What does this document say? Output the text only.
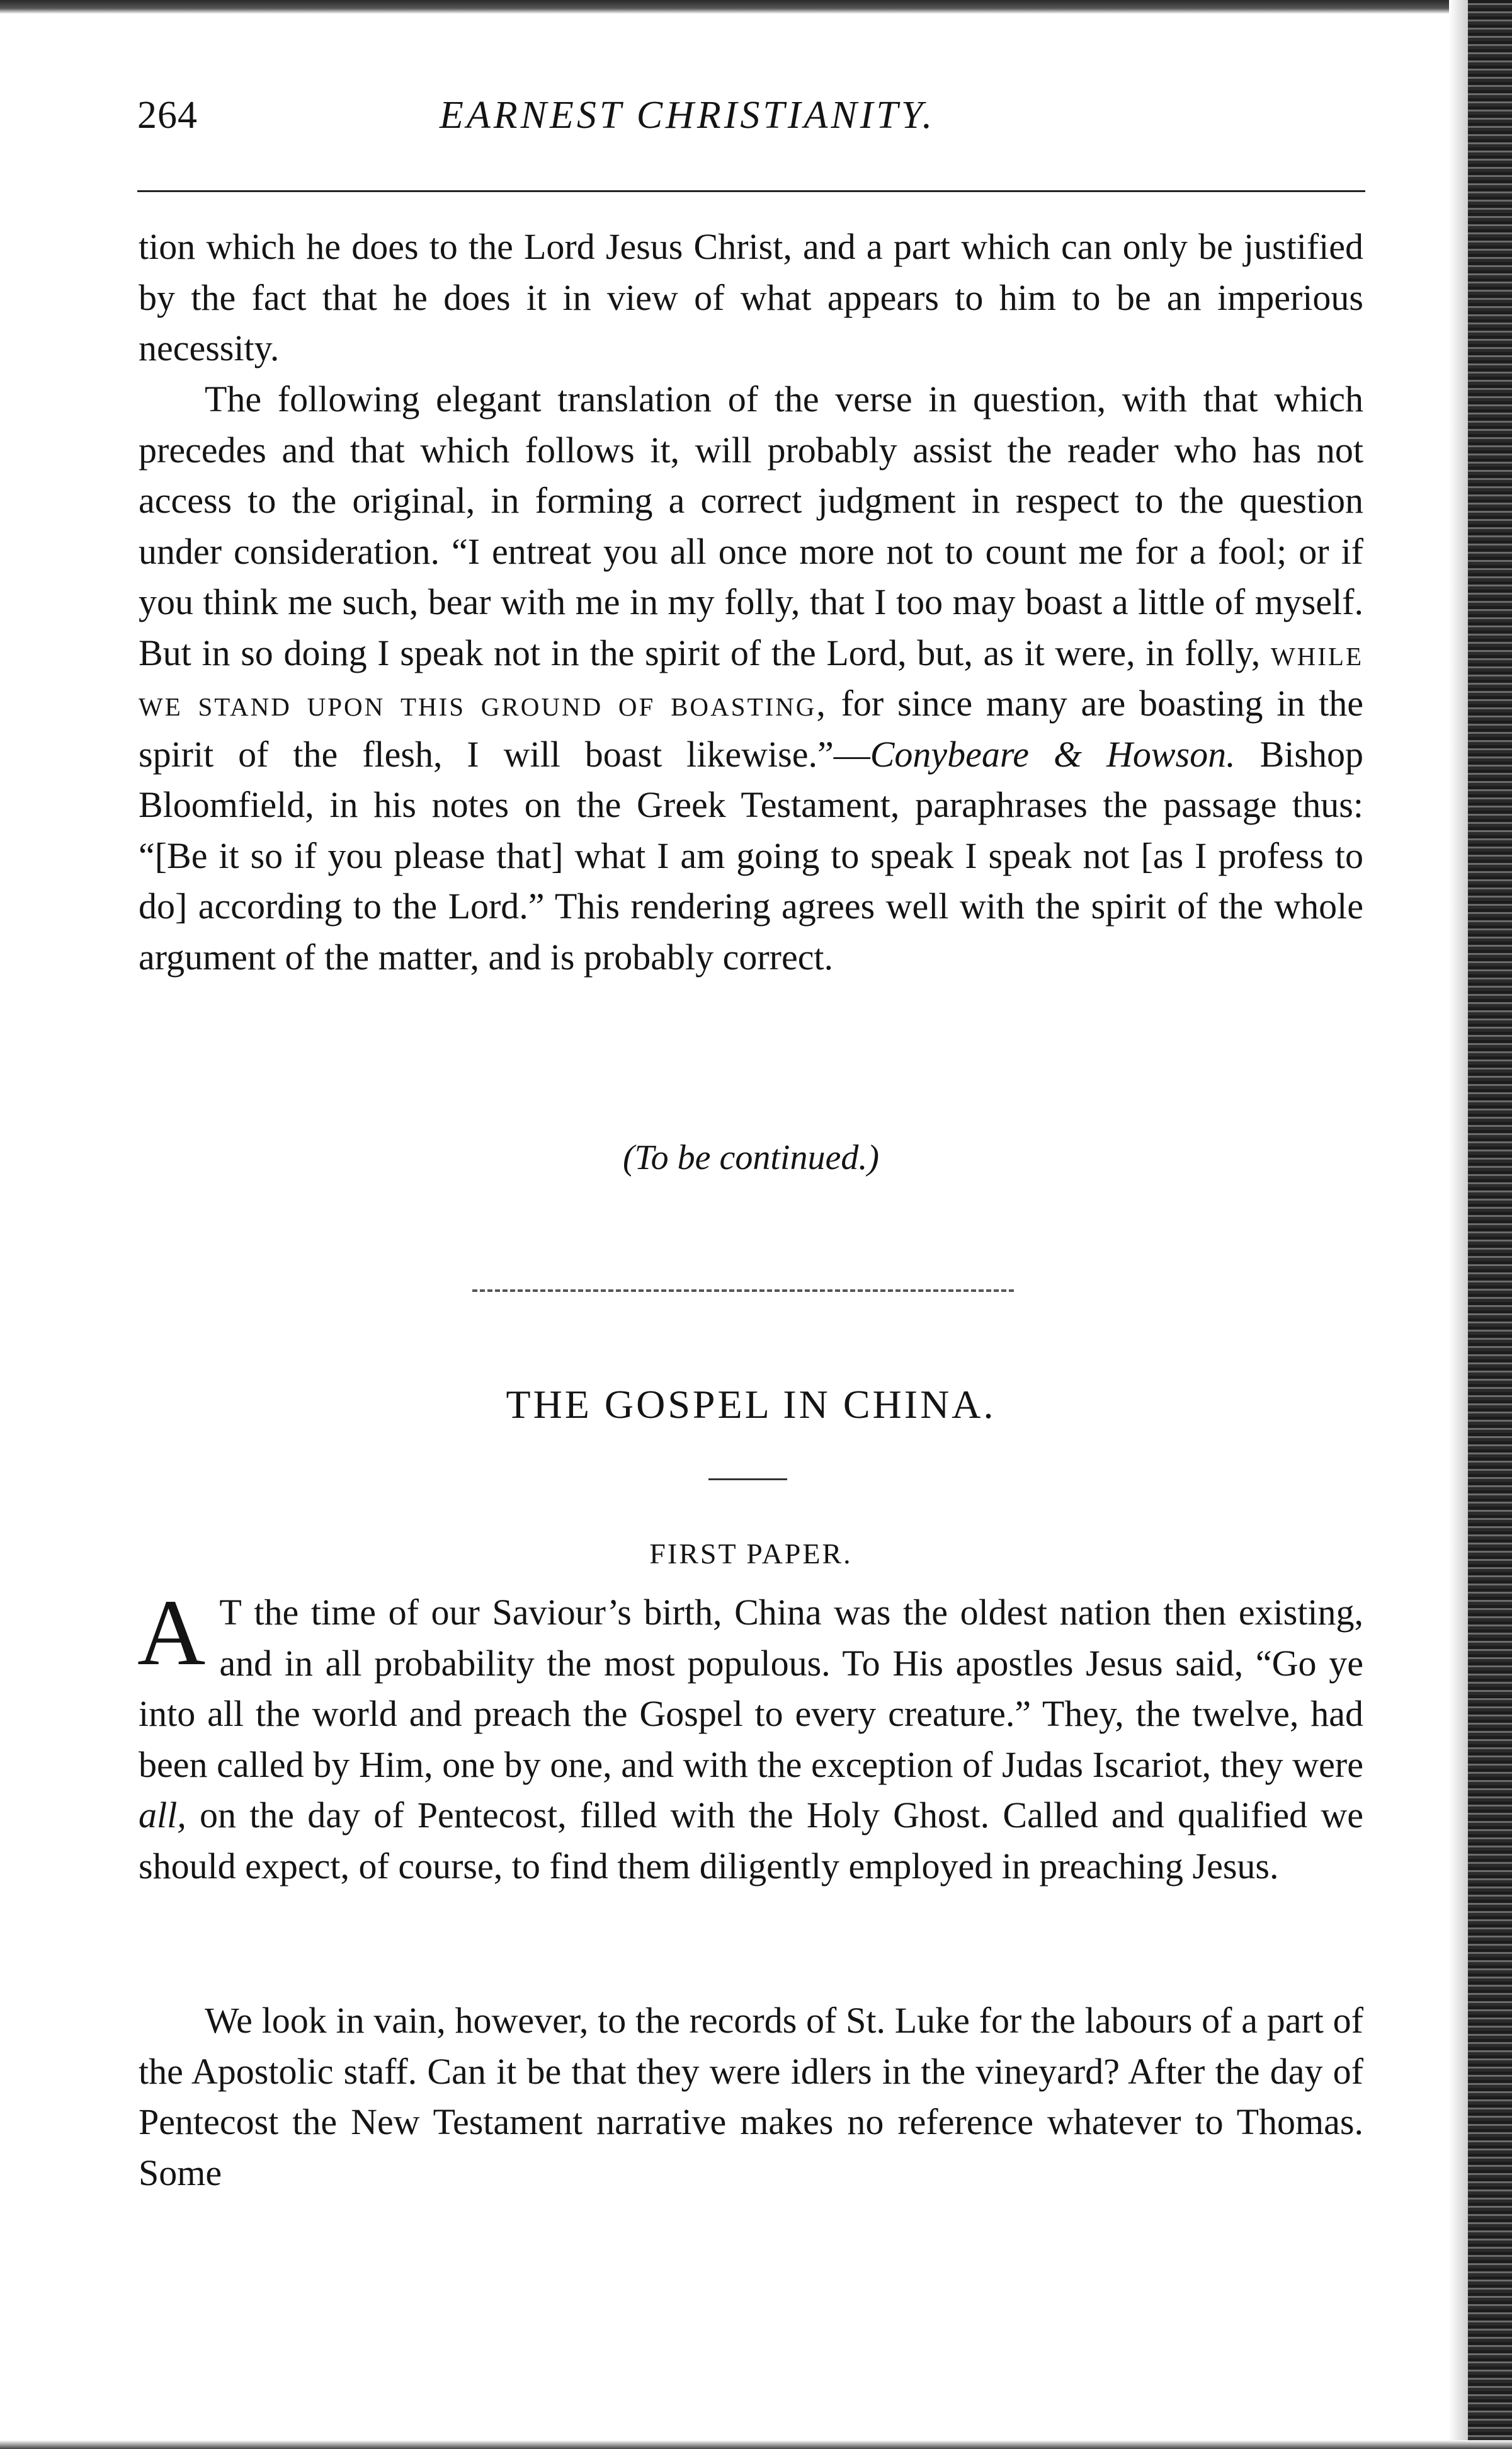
264	EARNEST CHRISTIANITY.

tion which he does to the Lord Jesus Christ, and a part which can only be justified by the fact that he does it in view of what appears to him to be an imperious necessity.

The following elegant translation of the verse in question, with that which precedes and that which follows it, will probably assist the reader who has not access to the original, in forming a correct judgment in respect to the question under consideration. “I entreat you all once more not to count me for a fool; or if you think me such, bear with me in my folly, that I too may boast a little of myself. But in so doing I speak not in the spirit of the Lord, but, as it were, in folly, while we stand upon this ground of boasting, for since many are boasting in the spirit of the flesh, I will boast likewise.”—Conybeare & Howson. Bishop Bloomfield, in his notes on the Greek Testament, paraphrases the passage thus: “[Be it so if you please that] what I am going to speak I speak not [as I profess to do] according to the Lord.” This rendering agrees well with the spirit of the whole argument of the matter, and is probably correct.

(To be continued.)
THE GOSPEL IN CHINA.
FIRST PAPER.

A T the time of our Saviour’s birth, China was the oldest nation then existing, and in all probability the most populous. To His apostles Jesus said, “Go ye into all the world and preach the Gospel to every creature.” They, the twelve, had been called by Him, one by one, and with the exception of Judas Iscariot, they were all, on the day of Pentecost, filled with the Holy Ghost. Called and qualified we should expect, of course, to find them diligently employed in preaching Jesus.

We look in vain, however, to the records of St. Luke for the labours of a part of the Apostolic staff. Can it be that they were idlers in the vineyard? After the day of Pentecost the New Testament narrative makes no reference whatever to Thomas. Some
